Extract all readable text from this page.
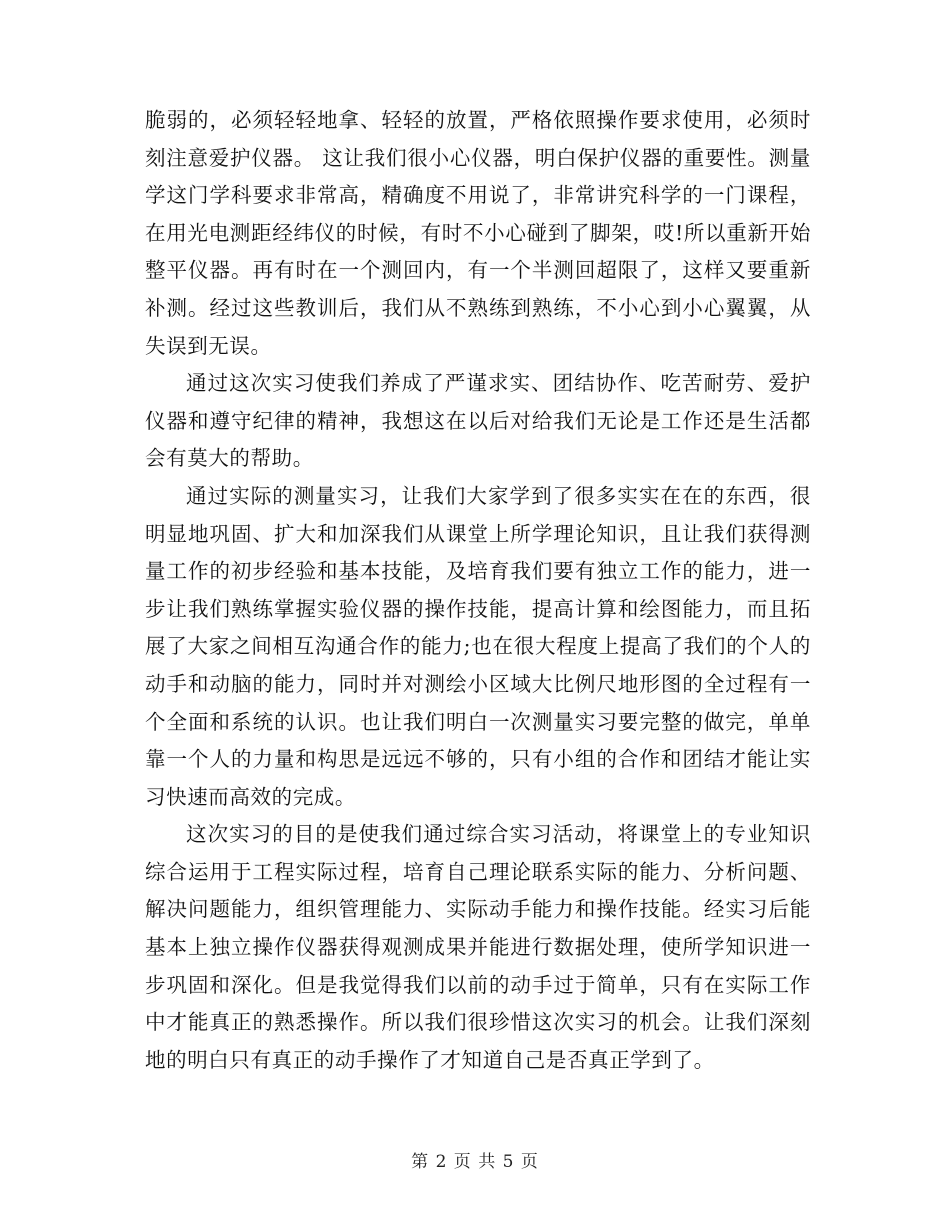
脆弱的，必须轻轻地拿、轻轻的放置，严格依照操作要求使用，必须时刻注意爱护仪器。 这让我们很小心仪器，明白保护仪器的重要性。测量学这门学科要求非常高，精确度不用说了，非常讲究科学的一门课程，在用光电测距经纬仪的时候，有时不小心碰到了脚架，哎!所以重新开始整平仪器。再有时在一个测回内，有一个半测回超限了，这样又要重新补测。经过这些教训后，我们从不熟练到熟练，不小心到小心翼翼，从失误到无误。

通过这次实习使我们养成了严谨求实、团结协作、吃苦耐劳、爱护仪器和遵守纪律的精神，我想这在以后对给我们无论是工作还是生活都会有莫大的帮助。

通过实际的测量实习，让我们大家学到了很多实实在在的东西，很明显地巩固、扩大和加深我们从课堂上所学理论知识，且让我们获得测量工作的初步经验和基本技能，及培育我们要有独立工作的能力，进一步让我们熟练掌握实验仪器的操作技能，提高计算和绘图能力，而且拓展了大家之间相互沟通合作的能力;也在很大程度上提高了我们的个人的动手和动脑的能力，同时并对测绘小区域大比例尺地形图的全过程有一个全面和系统的认识。也让我们明白一次测量实习要完整的做完，单单靠一个人的力量和构思是远远不够的，只有小组的合作和团结才能让实习快速而高效的完成。

这次实习的目的是使我们通过综合实习活动，将课堂上的专业知识综合运用于工程实际过程，培育自己理论联系实际的能力、分析问题、解决问题能力，组织管理能力、实际动手能力和操作技能。经实习后能基本上独立操作仪器获得观测成果并能进行数据处理，使所学知识进一步巩固和深化。但是我觉得我们以前的动手过于简单，只有在实际工作中才能真正的熟悉操作。所以我们很珍惜这次实习的机会。让我们深刻地的明白只有真正的动手操作了才知道自己是否真正学到了。

第 2 页 共 5 页
